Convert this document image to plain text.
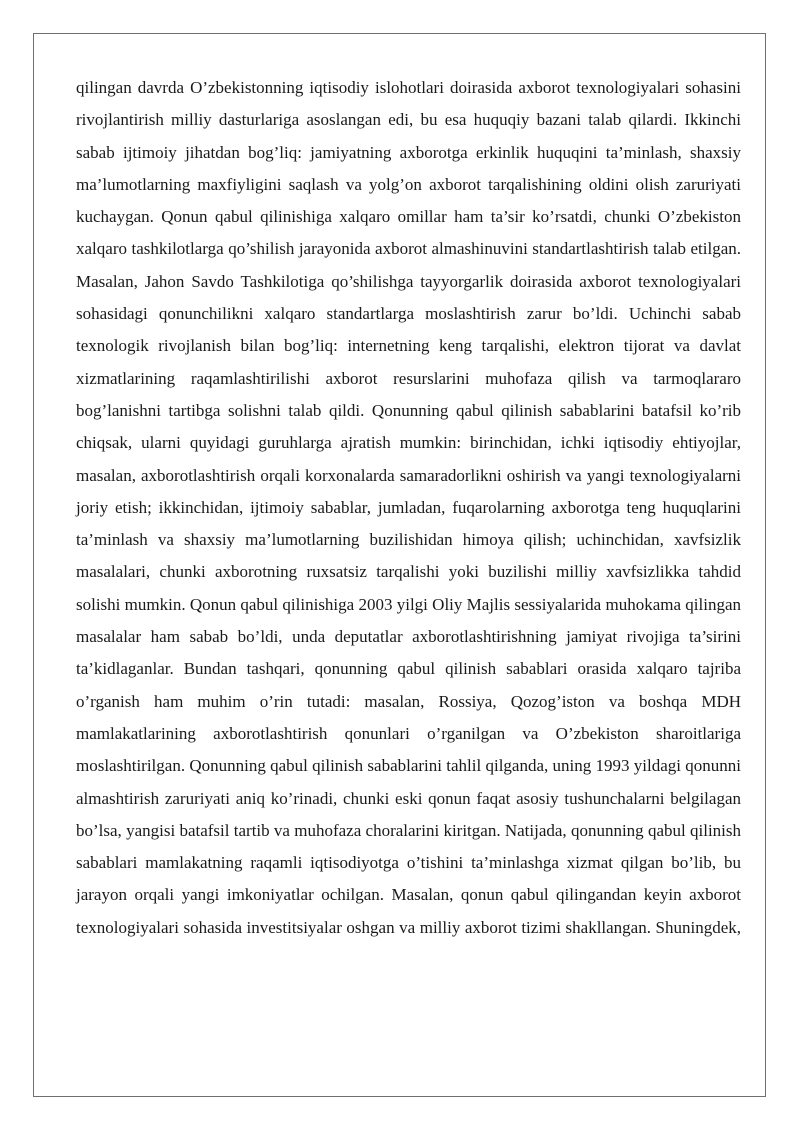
qilingan davrda O’zbekistonning iqtisodiy islohotlari doirasida axborot texnologiyalari sohasini rivojlantirish milliy dasturlariga asoslangan edi, bu esa huquqiy bazani talab qilardi. Ikkinchi sabab ijtimoiy jihatdan bog’liq: jamiyatning axborotga erkinlik huquqini ta’minlash, shaxsiy ma’lumotlarning maxfiyligini saqlash va yolg’on axborot tarqalishining oldini olish zaruriyati kuchaygan. Qonun qabul qilinishiga xalqaro omillar ham ta’sir ko’rsatdi, chunki O’zbekiston xalqaro tashkilotlarga qo’shilish jarayonida axborot almashinuvini standartlashtirish talab etilgan. Masalan, Jahon Savdo Tashkilotiga qo’shilishga tayyorgarlik doirasida axborot texnologiyalari sohasidagi qonunchilikni xalqaro standartlarga moslashtirish zarur bo’ldi. Uchinchi sabab texnologik rivojlanish bilan bog’liq: internetning keng tarqalishi, elektron tijorat va davlat xizmatlarining raqamlashtirilishi axborot resurslarini muhofaza qilish va tarmoqlararo bog’lanishni tartibga solishni talab qildi. Qonunning qabul qilinish sabablarini batafsil ko’rib chiqsak, ularni quyidagi guruhlarga ajratish mumkin: birinchidan, ichki iqtisodiy ehtiyojlar, masalan, axborotlashtirish orqali korxonalarda samaradorlikni oshirish va yangi texnologiyalarni joriy etish; ikkinchidan, ijtimoiy sabablar, jumladan, fuqarolarning axborotga teng huquqlarini ta’minlash va shaxsiy ma’lumotlarning buzilishidan himoya qilish; uchinchidan, xavfsizlik masalalari, chunki axborotning ruxsatsiz tarqalishi yoki buzilishi milliy xavfsizlikka tahdid solishi mumkin. Qonun qabul qilinishiga 2003 yilgi Oliy Majlis sessiyalarida muhokama qilingan masalalar ham sabab bo’ldi, unda deputatlar axborotlashtirishning jamiyat rivojiga ta’sirini ta’kidlaganlar. Bundan tashqari, qonunning qabul qilinish sabablari orasida xalqaro tajriba o’rganish ham muhim o’rin tutadi: masalan, Rossiya, Qozog’iston va boshqa MDH mamlakatlarining axborotlashtirish qonunlari o’rganilgan va O’zbekiston sharoitlariga moslashtirilgan. Qonunning qabul qilinish sabablarini tahlil qilganda, uning 1993 yildagi qonunni almashtirish zaruriyati aniq ko’rinadi, chunki eski qonun faqat asosiy tushunchalarni belgilagan bo’lsa, yangisi batafsil tartib va muhofaza choralarini kiritgan. Natijada, qonunning qabul qilinish sabablari mamlakatning raqamli iqtisodiyotga o’tishini ta’minlashga xizmat qilgan bo’lib, bu jarayon orqali yangi imkoniyatlar ochilgan. Masalan, qonun qabul qilingandan keyin axborot texnologiyalari sohasida investitsiyalar oshgan va milliy axborot tizimi shakllangan. Shuningdek,
